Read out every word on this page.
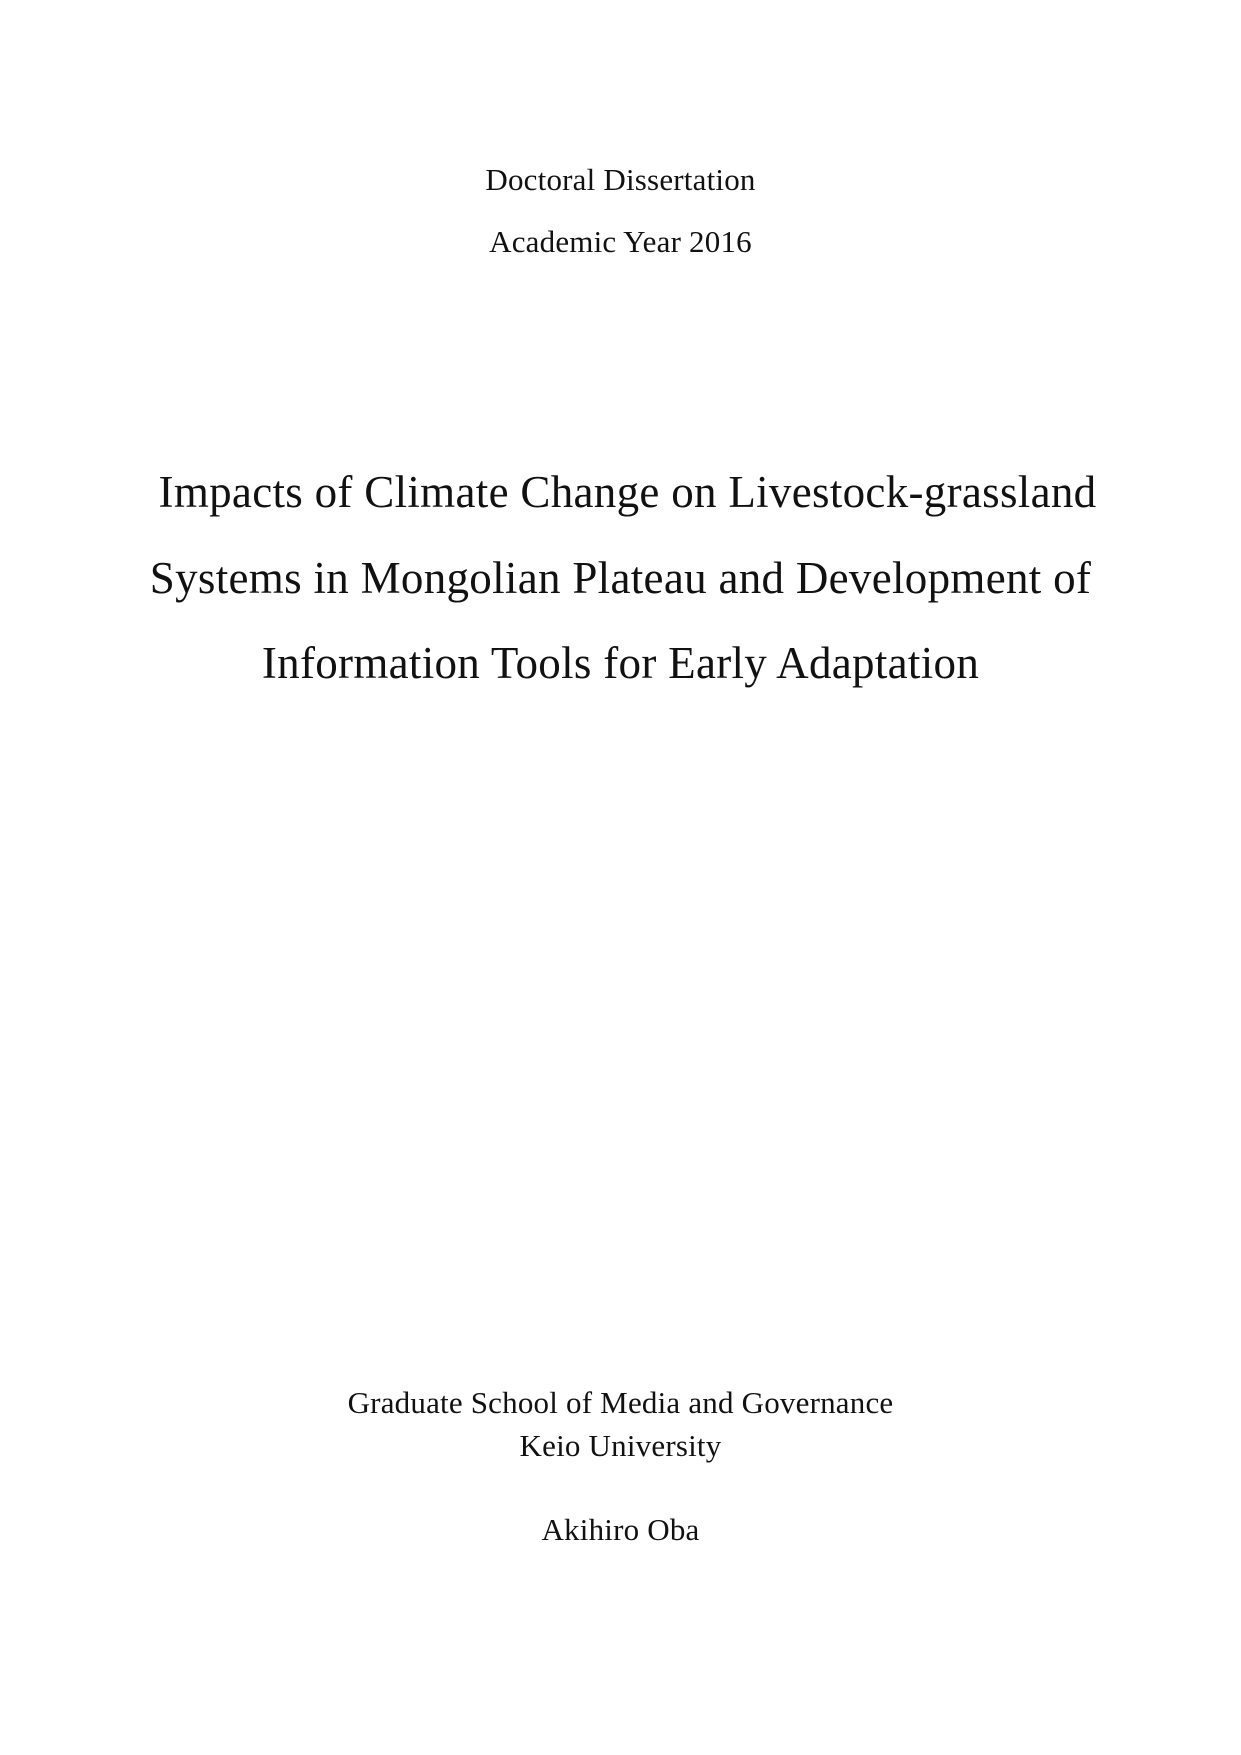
Doctoral Dissertation
Academic Year 2016
Impacts of Climate Change on Livestock-grassland
Systems in Mongolian Plateau and Development of
Information Tools for Early Adaptation
Graduate School of Media and Governance
Keio University
Akihiro Oba
